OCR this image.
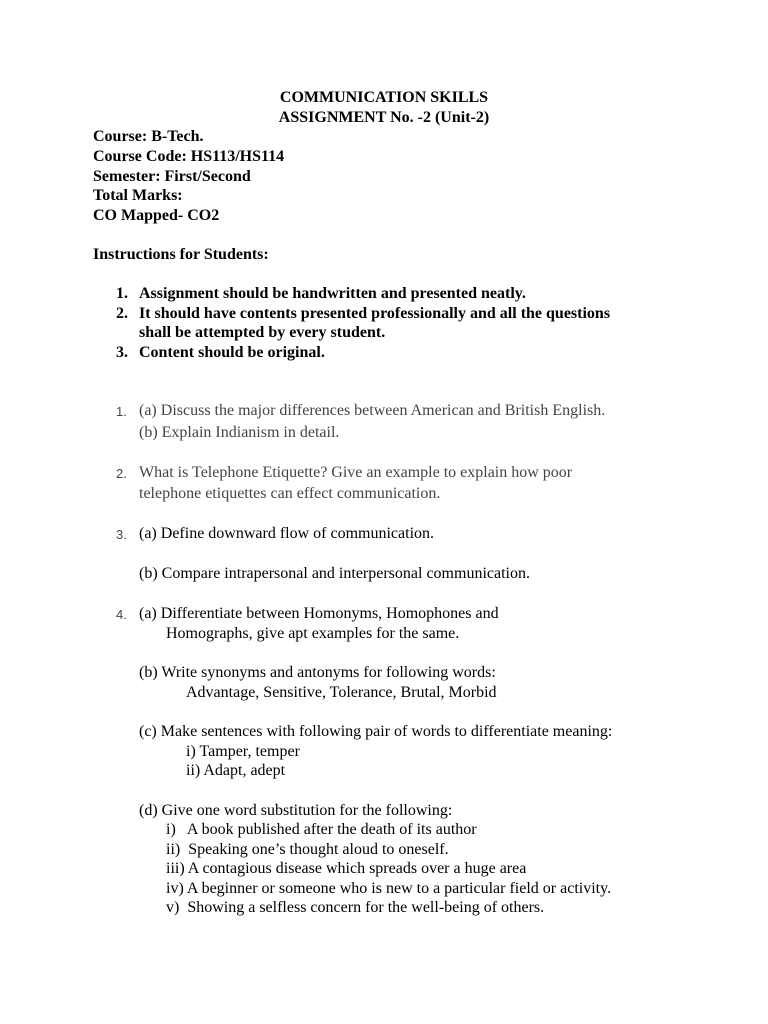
COMMUNICATION SKILLS
ASSIGNMENT No. -2 (Unit-2)
Course: B-Tech.
Course Code: HS113/HS114
Semester: First/Second
Total Marks:
CO Mapped- CO2
Instructions for Students:
1. Assignment should be handwritten and presented neatly.
2. It should have contents presented professionally and all the questions
shall be attempted by every student.
3. Content should be original.
1. (a) Discuss the major differences between American and British English.
(b) Explain Indianism in detail.
2. What is Telephone Etiquette? Give an example to explain how poor
telephone etiquettes can effect communication.
3. (a) Define downward flow of communication.
(b) Compare intrapersonal and interpersonal communication.
4. (a) Differentiate between Homonyms, Homophones and
Homographs, give apt examples for the same.
(b) Write synonyms and antonyms for following words:
Advantage, Sensitive, Tolerance, Brutal, Morbid
(c) Make sentences with following pair of words to differentiate meaning:
i) Tamper, temper
ii) Adapt, adept
(d) Give one word substitution for the following:
i)   A book published after the death of its author
ii)  Speaking one’s thought aloud to oneself.
iii) A contagious disease which spreads over a huge area
iv) A beginner or someone who is new to a particular field or activity.
v)  Showing a selfless concern for the well-being of others.
